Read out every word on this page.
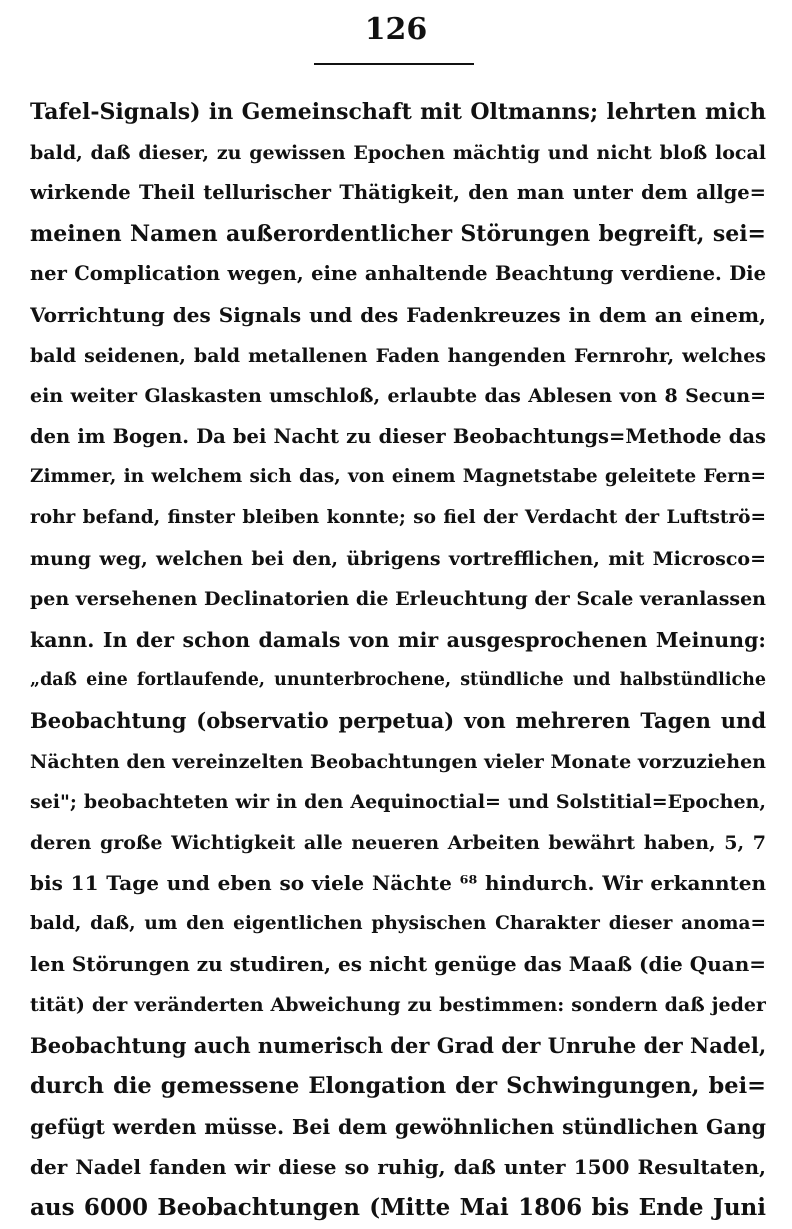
126
Tafel-Signals) in Gemeinschaft mit Oltmanns; lehrten mich
bald, daß dieser, zu gewissen Epochen mächtig und nicht bloß local
wirkende Theil tellurischer Thätigkeit, den man unter dem allge=
meinen Namen außerordentlicher Störungen begreift, sei=
ner Complication wegen, eine anhaltende Beachtung verdiene. Die
Vorrichtung des Signals und des Fadenkreuzes in dem an einem,
bald seidenen, bald metallenen Faden hangenden Fernrohr, welches
ein weiter Glaskasten umschloß, erlaubte das Ablesen von 8 Secun=
den im Bogen. Da bei Nacht zu dieser Beobachtungs=Methode das
Zimmer, in welchem sich das, von einem Magnetstabe geleitete Fern=
rohr befand, finster bleiben konnte; so fiel der Verdacht der Luftströ=
mung weg, welchen bei den, übrigens vortrefflichen, mit Microsco=
pen versehenen Declinatorien die Erleuchtung der Scale veranlassen
kann. In der schon damals von mir ausgesprochenen Meinung:
„daß eine fortlaufende, ununterbrochene, stündliche und halbstündliche
Beobachtung (observatio perpetua) von mehreren Tagen und
Nächten den vereinzelten Beobachtungen vieler Monate vorzuziehen
sei"; beobachteten wir in den Aequinoctial= und Solstitial=Epochen,
deren große Wichtigkeit alle neueren Arbeiten bewährt haben, 5, 7
bis 11 Tage und eben so viele Nächte ⁶⁸ hindurch. Wir erkannten
bald, daß, um den eigentlichen physischen Charakter dieser anoma=
len Störungen zu studiren, es nicht genüge das Maaß (die Quan=
tität) der veränderten Abweichung zu bestimmen: sondern daß jeder
Beobachtung auch numerisch der Grad der Unruhe der Nadel,
durch die gemessene Elongation der Schwingungen, bei=
gefügt werden müsse. Bei dem gewöhnlichen stündlichen Gang
der Nadel fanden wir diese so ruhig, daß unter 1500 Resultaten,
aus 6000 Beobachtungen (Mitte Mai 1806 bis Ende Juni
